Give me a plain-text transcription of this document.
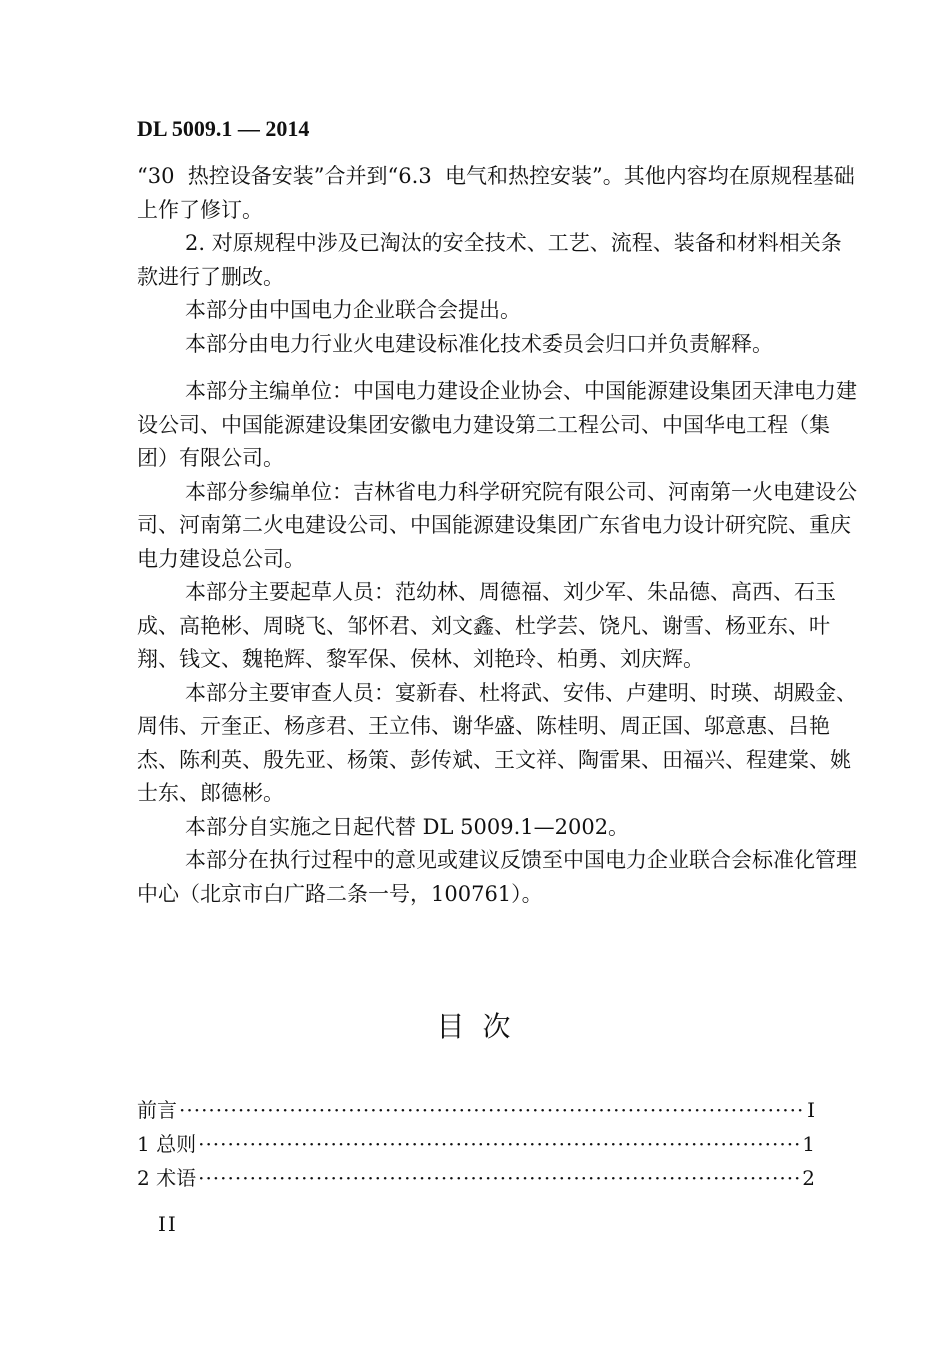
DL 5009.1 — 2014

“30  热控设备安装”合并到“6.3  电气和热控安装”。其他内容均在原规程基础上作了修订。

2. 对原规程中涉及已淘汰的安全技术、工艺、流程、装备和材料相关条款进行了删改。

本部分由中国电力企业联合会提出。

本部分由电力行业火电建设标准化技术委员会归口并负责解释。

本部分主编单位：中国电力建设企业协会、中国能源建设集团天津电力建设公司、中国能源建设集团安徽电力建设第二工程公司、中国华电工程（集团）有限公司。

本部分参编单位：吉林省电力科学研究院有限公司、河南第一火电建设公司、河南第二火电建设公司、中国能源建设集团广东省电力设计研究院、重庆电力建设总公司。

本部分主要起草人员：范幼林、周德福、刘少军、朱品德、高西、石玉成、高艳彬、周晓飞、邹怀君、刘文鑫、杜学芸、饶凡、谢雪、杨亚东、叶翔、钱文、魏艳辉、黎军保、侯林、刘艳玲、柏勇、刘庆辉。

本部分主要审查人员：宴新春、杜将武、安伟、卢建明、时瑛、胡殿金、周伟、亓奎正、杨彦君、王立伟、谢华盛、陈桂明、周正国、邬意惠、吕艳杰、陈利英、殷先亚、杨策、彭传斌、王文祥、陶雷果、田福兴、程建棠、姚士东、郎德彬。

本部分自实施之日起代替 DL 5009.1—2002。

本部分在执行过程中的意见或建议反馈至中国电力企业联合会标准化管理中心（北京市白广路二条一号，100761）。

目次
前言 ·····	Ⅰ
1 总则 ·····	1
2 术语 ·····	2
II
